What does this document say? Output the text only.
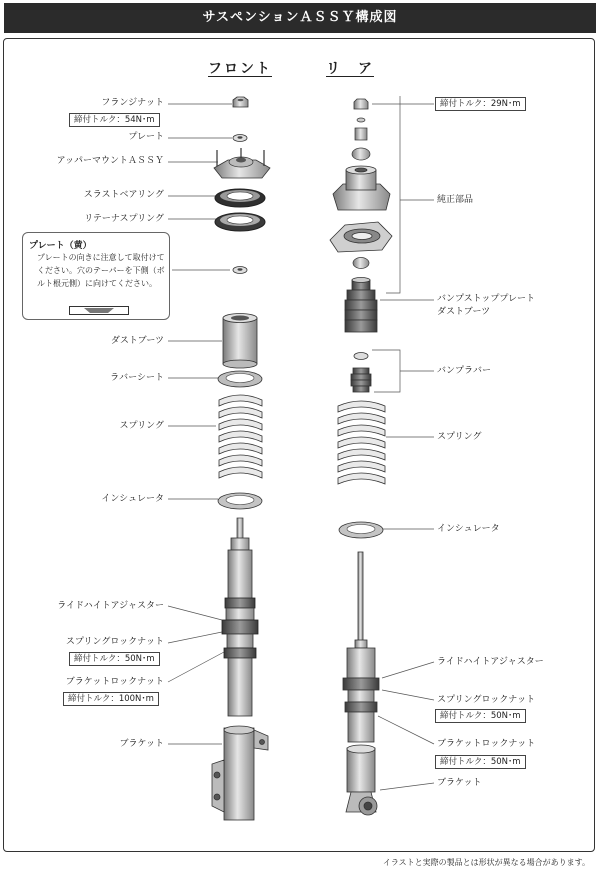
サスペンションＡＳＳＹ構成図
フロント	リ　ア
フランジナット
締付トルク：54N･m
プレート
アッパーマウントＡＳＳＹ
スラストベアリング
リテーナスプリング
プレート（黄）
プレートの向きに注意して取付けてください。穴のテーパーを下側（ボルト根元側）に向けてください。
ダストブーツ
ラバーシート
スプリング
インシュレータ
ライドハイトアジャスター
スプリングロックナット
締付トルク：50N･m
ブラケットロックナット
締付トルク：100N･m
ブラケット
締付トルク：29N･m
純正部品
バンプストッププレート
ダストブーツ
バンプラバー
スプリング
インシュレータ
ライドハイトアジャスター
スプリングロックナット
締付トルク：50N･m
ブラケットロックナット
締付トルク：50N･m
ブラケット
イラストと実際の製品とは形状が異なる場合があります。
